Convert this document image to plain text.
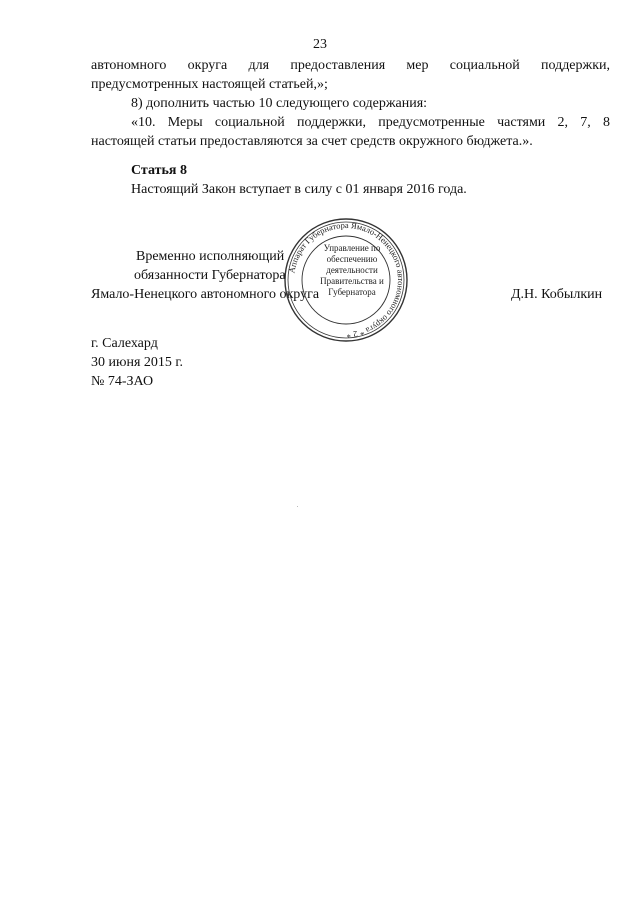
23
автономного округа для предоставления мер социальной поддержки,
предусмотренных настоящей статьей,»;
8) дополнить частью 10 следующего содержания:
«10. Меры социальной поддержки, предусмотренные частями 2, 7, 8
настоящей статьи предоставляются за счет средств окружного бюджета.».
Статья 8
Настоящий Закон вступает в силу с 01 января 2016 года.
Временно исполняющий
обязанности Губернатора
Ямало-Ненецкого автономного округа	Д.Н. Кобылкин
Аппарат Губернатора Ямало-Ненецкого автономного округа * 2 *
Управление по обеспечению деятельности Правительства и Губернатора
г. Салехард
30 июня 2015 г.
№ 74-ЗАО
